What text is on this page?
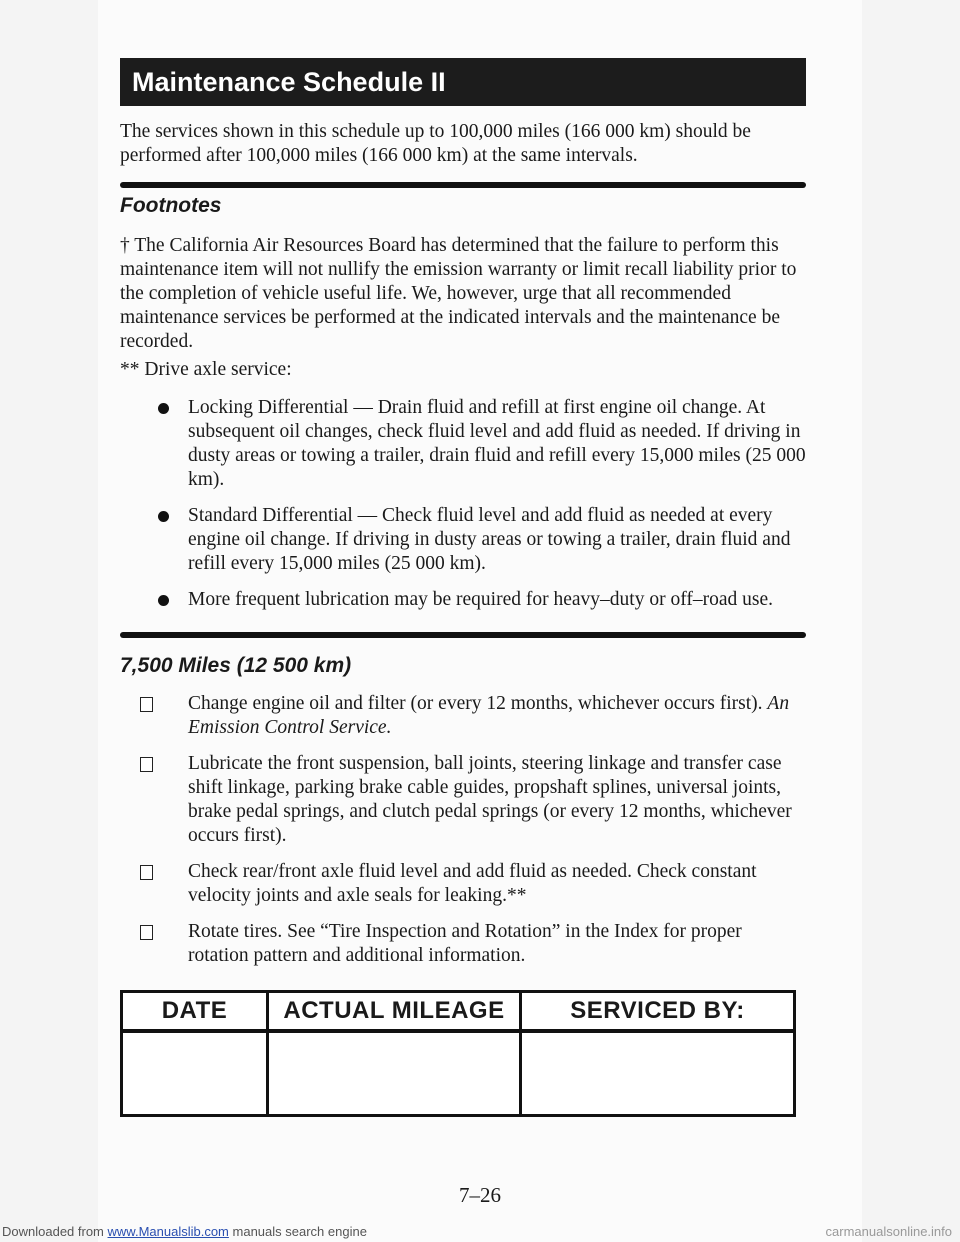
Maintenance Schedule II
The services shown in this schedule up to 100,000 miles (166 000 km) should be performed after 100,000 miles (166 000 km) at the same intervals.
Footnotes
† The California Air Resources Board has determined that the failure to perform this maintenance item will not nullify the emission warranty or limit recall liability prior to the completion of vehicle useful life. We, however, urge that all recommended maintenance services be performed at the indicated intervals and the maintenance be recorded.
** Drive axle service:
Locking Differential — Drain fluid and refill at first engine oil change. At subsequent oil changes, check fluid level and add fluid as needed. If driving in dusty areas or towing a trailer, drain fluid and refill every 15,000 miles (25 000 km).
Standard Differential — Check fluid level and add fluid as needed at every engine oil change. If driving in dusty areas or towing a trailer, drain fluid and refill every 15,000 miles (25 000 km).
More frequent lubrication may be required for heavy–duty or off–road use.
7,500 Miles (12 500 km)
Change engine oil and filter (or every 12 months, whichever occurs first). An Emission Control Service.
Lubricate the front suspension, ball joints, steering linkage and transfer case shift linkage, parking brake cable guides, propshaft splines, universal joints, brake pedal springs, and clutch pedal springs (or every 12 months, whichever occurs first).
Check rear/front axle fluid level and add fluid as needed. Check constant velocity joints and axle seals for leaking.**
Rotate tires. See “Tire Inspection and Rotation” in the Index for proper rotation pattern and additional information.
DATE	ACTUAL MILEAGE	SERVICED BY:

7–26
Downloaded from www.Manualslib.com manuals search engine	carmanualsonline.info
